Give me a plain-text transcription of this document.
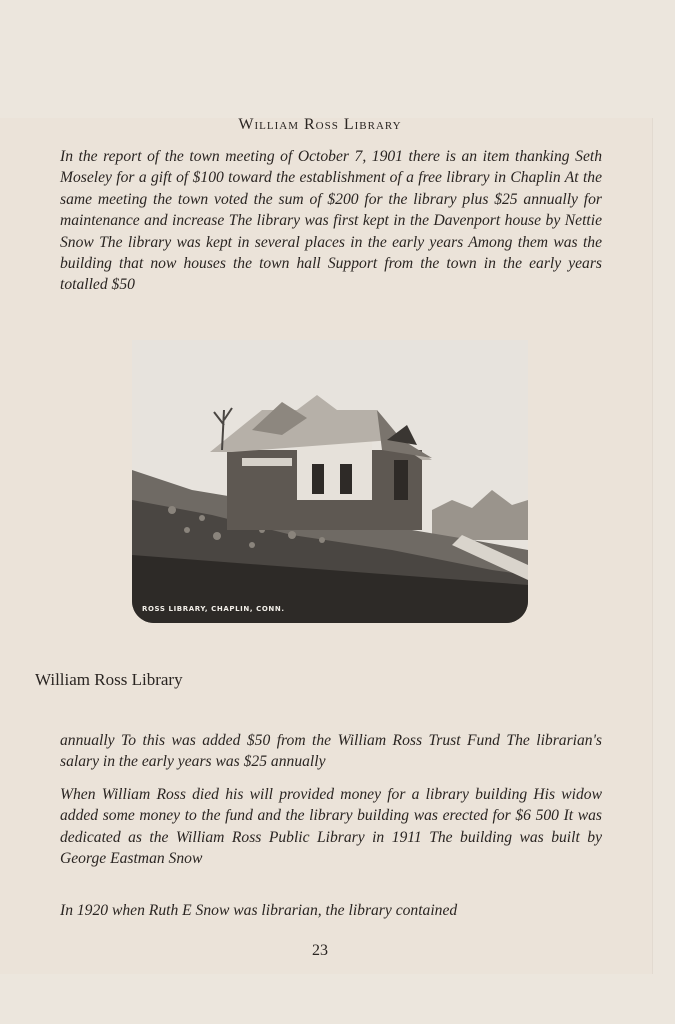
William Ross Library
In the report of the town meeting of October 7, 1901 there is an item thanking Seth Moseley for a gift of $100 toward the establishment of a free library in Chaplin At the same meeting the town voted the sum of $200 for the library plus $25 annually for maintenance and increase The library was first kept in the Davenport house by Nettie Snow The library was kept in several places in the early years Among them was the building that now houses the town hall Support from the town in the early years totalled $50
ROSS LIBRARY, CHAPLIN, CONN.
William Ross Library
annually To this was added $50 from the William Ross Trust Fund The librarian's salary in the early years was $25 annually
When William Ross died his will provided money for a library building His widow added some money to the fund and the library building was erected for $6 500 It was dedicated as the William Ross Public Library in 1911 The building was built by George Eastman Snow
In 1920 when Ruth E Snow was librarian, the library contained
23
